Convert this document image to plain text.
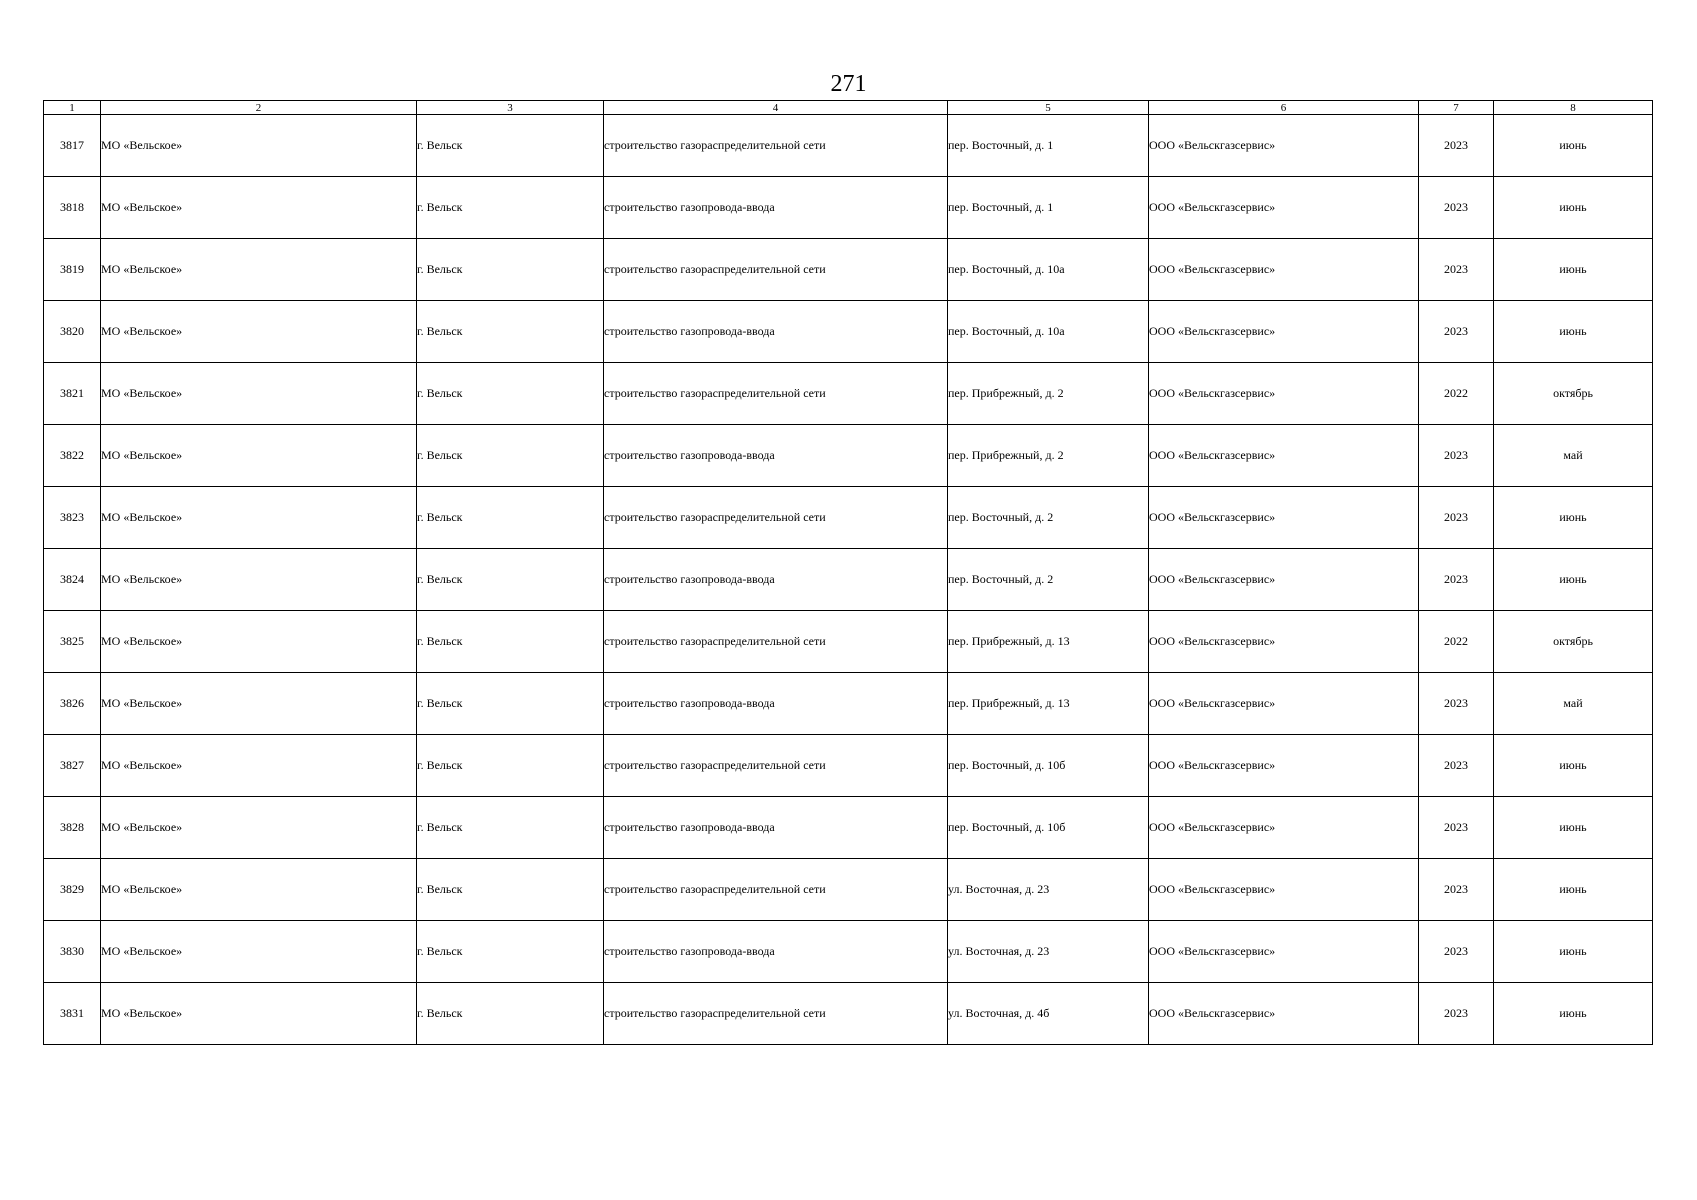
271
1	2	3	4	5	6	7	8
3817	МО «Вельское»	г. Вельск	строительство газораспределительной сети	пер. Восточный, д. 1	ООО «Вельскгазсервис»	2023	июнь
3818	МО «Вельское»	г. Вельск	строительство газопровода-ввода	пер. Восточный, д. 1	ООО «Вельскгазсервис»	2023	июнь
3819	МО «Вельское»	г. Вельск	строительство газораспределительной сети	пер. Восточный, д. 10а	ООО «Вельскгазсервис»	2023	июнь
3820	МО «Вельское»	г. Вельск	строительство газопровода-ввода	пер. Восточный, д. 10а	ООО «Вельскгазсервис»	2023	июнь
3821	МО «Вельское»	г. Вельск	строительство газораспределительной сети	пер. Прибрежный, д. 2	ООО «Вельскгазсервис»	2022	октябрь
3822	МО «Вельское»	г. Вельск	строительство газопровода-ввода	пер. Прибрежный, д. 2	ООО «Вельскгазсервис»	2023	май
3823	МО «Вельское»	г. Вельск	строительство газораспределительной сети	пер. Восточный, д. 2	ООО «Вельскгазсервис»	2023	июнь
3824	МО «Вельское»	г. Вельск	строительство газопровода-ввода	пер. Восточный, д. 2	ООО «Вельскгазсервис»	2023	июнь
3825	МО «Вельское»	г. Вельск	строительство газораспределительной сети	пер. Прибрежный, д. 13	ООО «Вельскгазсервис»	2022	октябрь
3826	МО «Вельское»	г. Вельск	строительство газопровода-ввода	пер. Прибрежный, д. 13	ООО «Вельскгазсервис»	2023	май
3827	МО «Вельское»	г. Вельск	строительство газораспределительной сети	пер. Восточный, д. 10б	ООО «Вельскгазсервис»	2023	июнь
3828	МО «Вельское»	г. Вельск	строительство газопровода-ввода	пер. Восточный, д. 10б	ООО «Вельскгазсервис»	2023	июнь
3829	МО «Вельское»	г. Вельск	строительство газораспределительной сети	ул. Восточная, д. 23	ООО «Вельскгазсервис»	2023	июнь
3830	МО «Вельское»	г. Вельск	строительство газопровода-ввода	ул. Восточная, д. 23	ООО «Вельскгазсервис»	2023	июнь
3831	МО «Вельское»	г. Вельск	строительство газораспределительной сети	ул. Восточная, д. 4б	ООО «Вельскгазсервис»	2023	июнь
